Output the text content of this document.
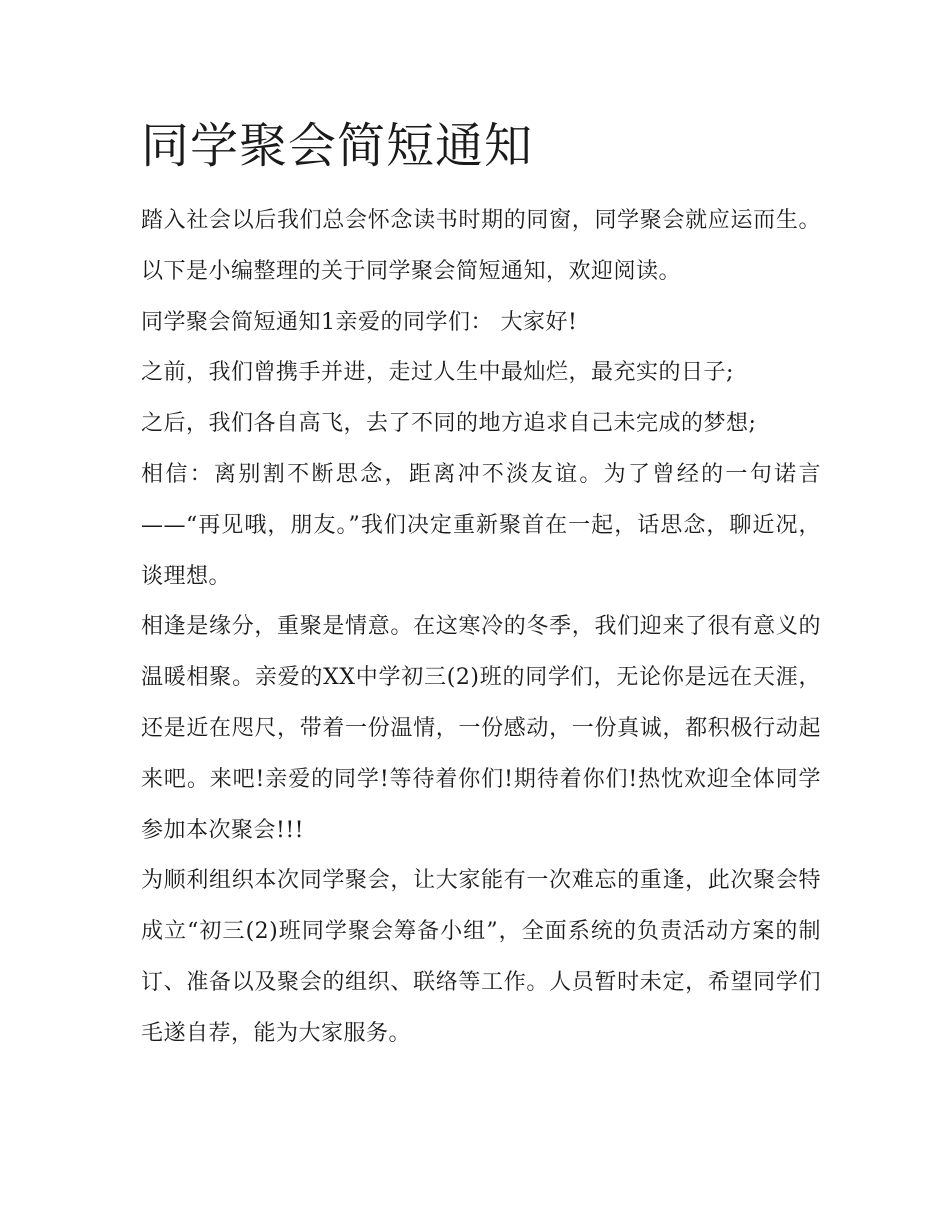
同学聚会简短通知

踏入社会以后我们总会怀念读书时期的同窗，同学聚会就应运而生。以下是小编整理的关于同学聚会简短通知，欢迎阅读。

同学聚会简短通知1亲爱的同学们： 大家好!

之前，我们曾携手并进，走过人生中最灿烂，最充实的日子;

之后，我们各自高飞，去了不同的地方追求自己未完成的梦想;

相信：离别割不断思念，距离冲不淡友谊。为了曾经的一句诺言——“再见哦，朋友。”我们决定重新聚首在一起，话思念，聊近况，谈理想。

相逢是缘分，重聚是情意。在这寒冷的冬季，我们迎来了很有意义的温暖相聚。亲爱的XX中学初三(2)班的同学们，无论你是远在天涯，还是近在咫尺，带着一份温情，一份感动，一份真诚，都积极行动起来吧。来吧!亲爱的同学!等待着你们!期待着你们!热忱欢迎全体同学参加本次聚会!!!

为顺利组织本次同学聚会，让大家能有一次难忘的重逢，此次聚会特成立“初三(2)班同学聚会筹备小组”，全面系统的负责活动方案的制订、准备以及聚会的组织、联络等工作。人员暂时未定，希望同学们毛遂自荐，能为大家服务。
